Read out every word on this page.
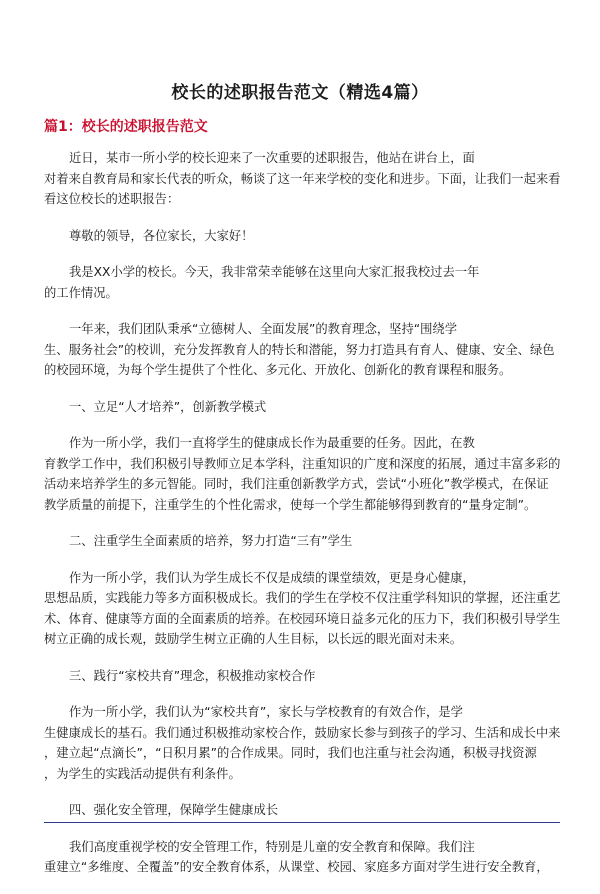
校长的述职报告范文（精选4篇）
篇1：校长的述职报告范文

近日，某市一所小学的校长迎来了一次重要的述职报告，他站在讲台上，面
对着来自教育局和家长代表的听众，畅谈了这一年来学校的变化和进步。下面，让我们一起来看
看这位校长的述职报告：

尊敬的领导，各位家长，大家好！

我是XX小学的校长。今天，我非常荣幸能够在这里向大家汇报我校过去一年
的工作情况。

一年来，我们团队秉承“立德树人、全面发展”的教育理念，坚持“围绕学
生、服务社会”的校训，充分发挥教育人的特长和潜能，努力打造具有育人、健康、安全、绿色
的校园环境，为每个学生提供了个性化、多元化、开放化、创新化的教育课程和服务。

一、立足“人才培养”，创新教学模式

作为一所小学，我们一直将学生的健康成长作为最重要的任务。因此，在教
育教学工作中，我们积极引导教师立足本学科，注重知识的广度和深度的拓展，通过丰富多彩的
活动来培养学生的多元智能。同时，我们注重创新教学方式，尝试“小班化”教学模式，在保证
教学质量的前提下，注重学生的个性化需求，使每一个学生都能够得到教育的“量身定制”。

二、注重学生全面素质的培养，努力打造“三有”学生

作为一所小学，我们认为学生成长不仅是成绩的课堂绩效，更是身心健康，
思想品质，实践能力等多方面积极成长。我们的学生在学校不仅注重学科知识的掌握，还注重艺
术、体育、健康等方面的全面素质的培养。在校园环境日益多元化的压力下，我们积极引导学生
树立正确的成长观，鼓励学生树立正确的人生目标，以长远的眼光面对未来。

三、践行“家校共育”理念，积极推动家校合作

作为一所小学，我们认为“家校共育”，家长与学校教育的有效合作，是学
生健康成长的基石。我们通过积极推动家校合作，鼓励家长参与到孩子的学习、生活和成长中来
，建立起“点滴长”，“日积月累”的合作成果。同时，我们也注重与社会沟通，积极寻找资源
，为学生的实践活动提供有利条件。

四、强化安全管理，保障学生健康成长

我们高度重视学校的安全管理工作，特别是儿童的安全教育和保障。我们注
重建立“多维度、全覆盖”的安全教育体系，从课堂、校园、家庭多方面对学生进行安全教育，
